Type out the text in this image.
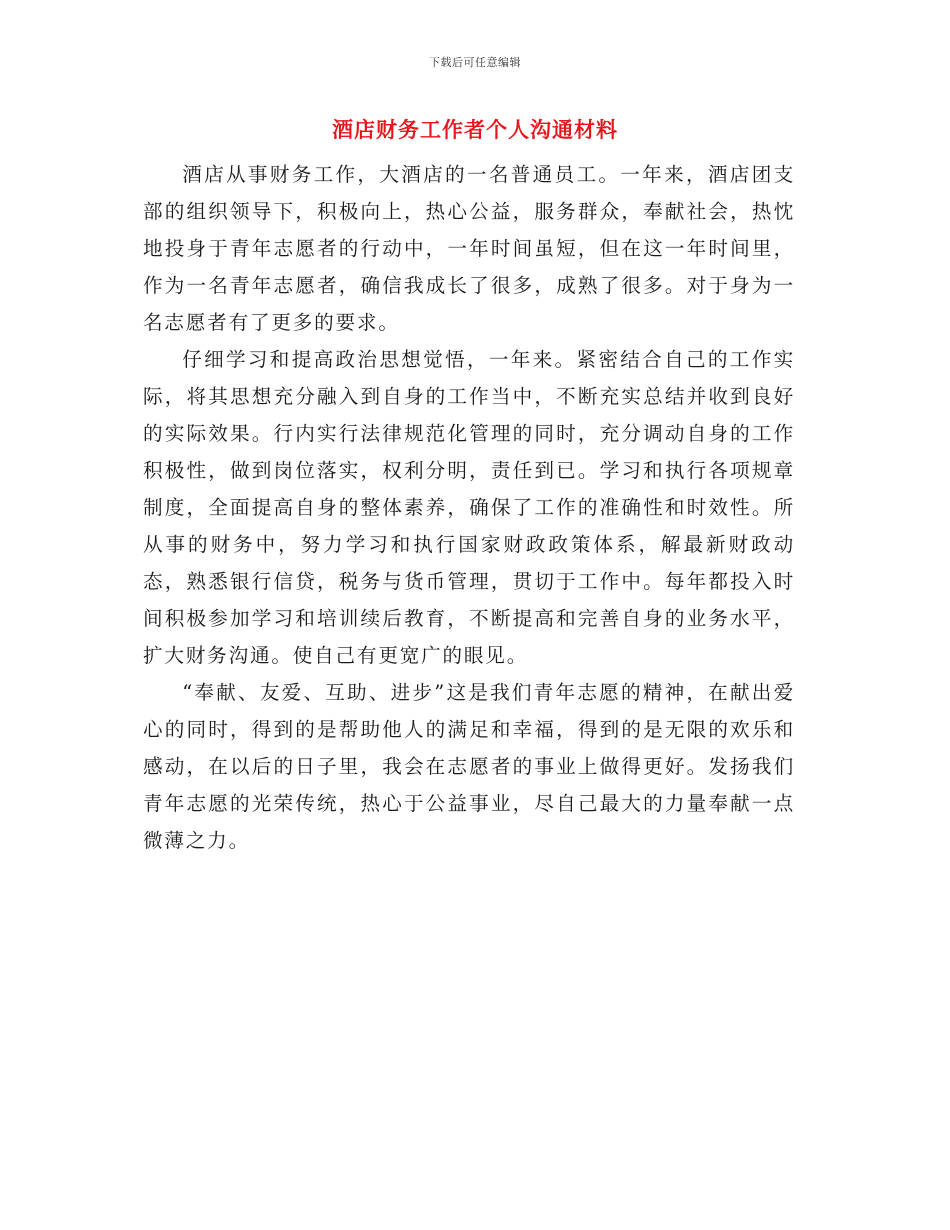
下载后可任意编辑
酒店财务工作者个人沟通材料

酒店从事财务工作，大酒店的一名普通员工。一年来，酒店团支部的组织领导下，积极向上，热心公益，服务群众，奉献社会，热忱地投身于青年志愿者的行动中，一年时间虽短，但在这一年时间里，作为一名青年志愿者，确信我成长了很多，成熟了很多。对于身为一名志愿者有了更多的要求。

仔细学习和提高政治思想觉悟，一年来。紧密结合自己的工作实际，将其思想充分融入到自身的工作当中，不断充实总结并收到良好的实际效果。行内实行法律规范化管理的同时，充分调动自身的工作积极性，做到岗位落实，权利分明，责任到已。学习和执行各项规章制度，全面提高自身的整体素养，确保了工作的准确性和时效性。所从事的财务中，努力学习和执行国家财政政策体系，解最新财政动态，熟悉银行信贷，税务与货币管理，贯切于工作中。每年都投入时间积极参加学习和培训续后教育，不断提高和完善自身的业务水平，扩大财务沟通。使自己有更宽广的眼见。

“奉献、友爱、互助、进步”这是我们青年志愿的精神，在献出爱心的同时，得到的是帮助他人的满足和幸福，得到的是无限的欢乐和感动，在以后的日子里，我会在志愿者的事业上做得更好。发扬我们青年志愿的光荣传统，热心于公益事业，尽自己最大的力量奉献一点微薄之力。
